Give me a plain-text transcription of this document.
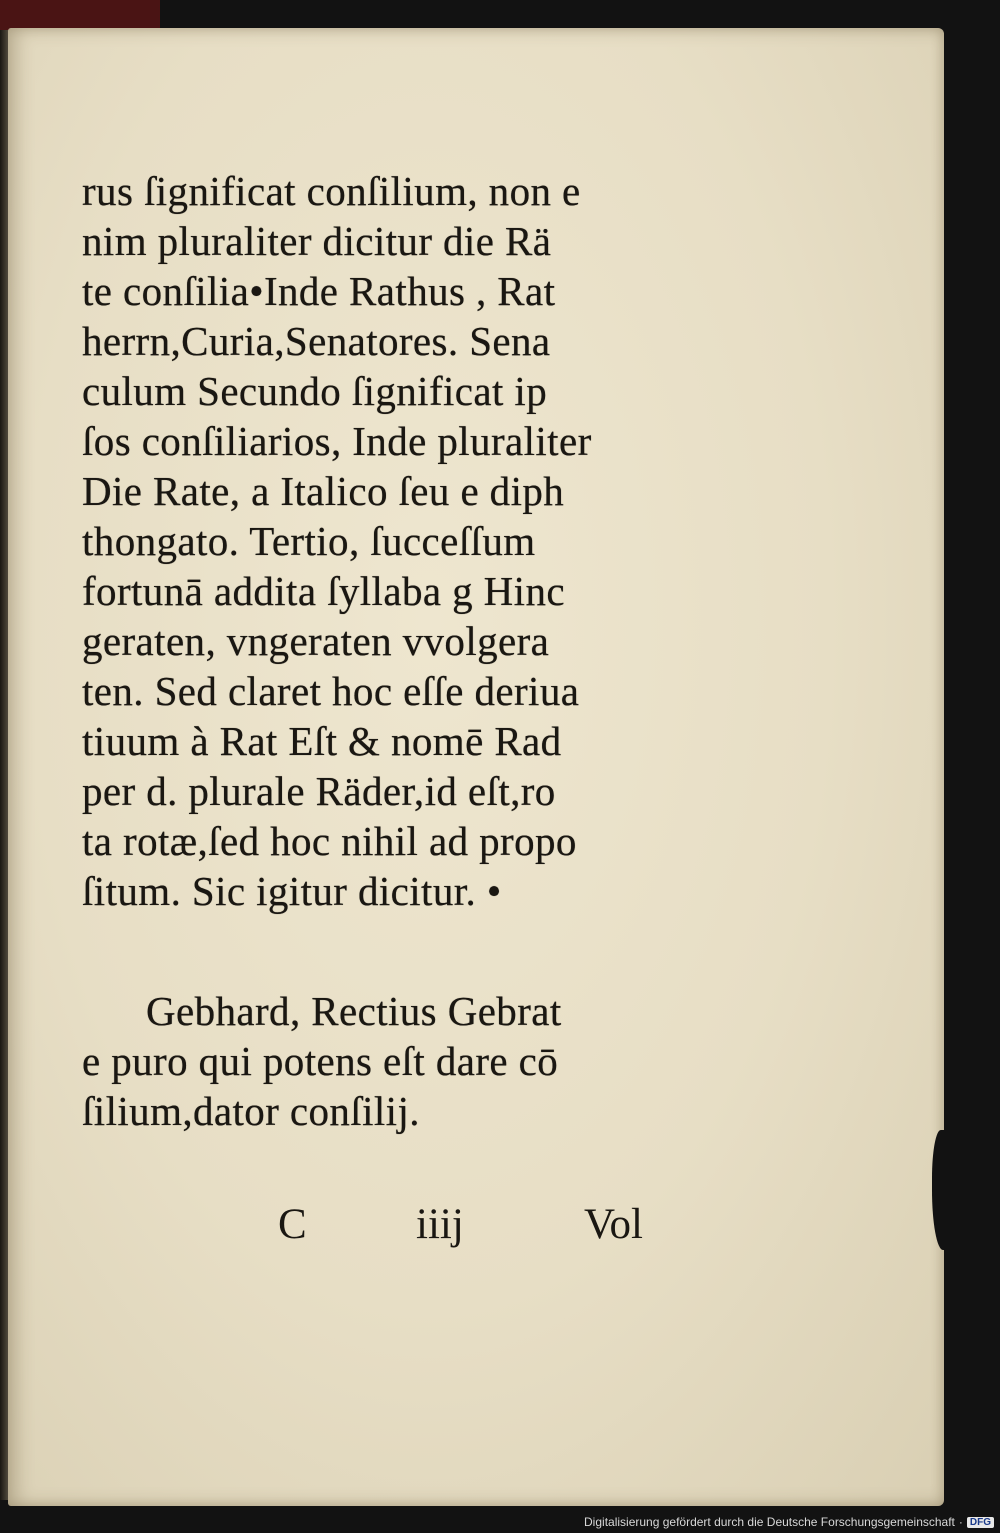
rus ſignificat conſilium, non e
nim pluraliter dicitur die Rä
te conſilia•Inde Rathus , Rat
herrn,Curia,Senatores. Sena
culum Secundo ſignificat ip
ſos conſiliarios, Inde pluraliter
Die Rate, a Italico ſeu e diph
thongato. Tertio, ſucceſſum
fortunā addita ſyllaba g Hinc
geraten, vngeraten vvolgera
ten. Sed claret hoc eſſe deriua
tiuum à Rat Eſt & nomē Rad
per d. plurale Räder,id eſt,ro
ta rotæ,ſed hoc nihil ad propo
ſitum. Sic igitur dicitur. •
Gebhard, Rectius Gebrat
e puro qui potens eſt dare cō
ſilium,dator conſilij.
C	iiij	Vol
Digitalisierung gefördert durch die Deutsche Forschungsgemeinschaft · DFG
